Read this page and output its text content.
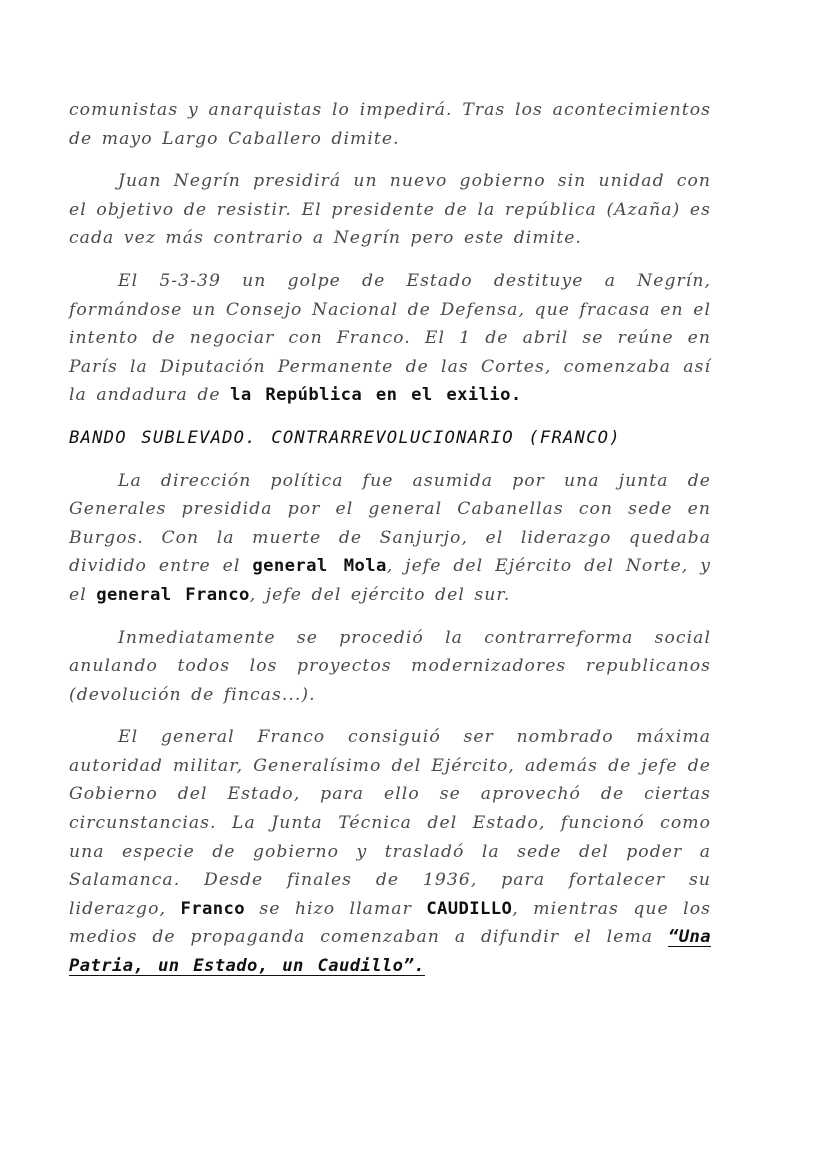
comunistas y anarquistas lo impedirá. Tras los acontecimientos de mayo Largo Caballero dimite.

Juan Negrín presidirá un nuevo gobierno sin unidad con el objetivo de resistir. El presidente de la república (Azaña) es cada vez más contrario a Negrín pero este dimite.

El 5-3-39 un golpe de Estado destituye a Negrín, formándose un Consejo Nacional de Defensa, que fracasa en el intento de negociar con Franco. El 1 de abril se reúne en París la Diputación Permanente de las Cortes, comenzaba así la andadura de la República en el exilio.

BANDO SUBLEVADO. CONTRARREVOLUCIONARIO (FRANCO)

La dirección política fue asumida por una junta de Generales presidida por el general Cabanellas con sede en Burgos. Con la muerte de Sanjurjo, el liderazgo quedaba dividido entre el general Mola, jefe del Ejército del Norte, y el general Franco, jefe del ejército del sur.

Inmediatamente se procedió la contrarreforma social anulando todos los proyectos modernizadores republicanos (devolución de fincas...).

El general Franco consiguió ser nombrado máxima autoridad militar, Generalísimo del Ejército, además de jefe de Gobierno del Estado, para ello se aprovechó de ciertas circunstancias. La Junta Técnica del Estado, funcionó como una especie de gobierno y trasladó la sede del poder a Salamanca. Desde finales de 1936, para fortalecer su liderazgo, Franco se hizo llamar CAUDILLO, mientras que los medios de propaganda comenzaban a difundir el lema “Una Patria, un Estado, un Caudillo”.
